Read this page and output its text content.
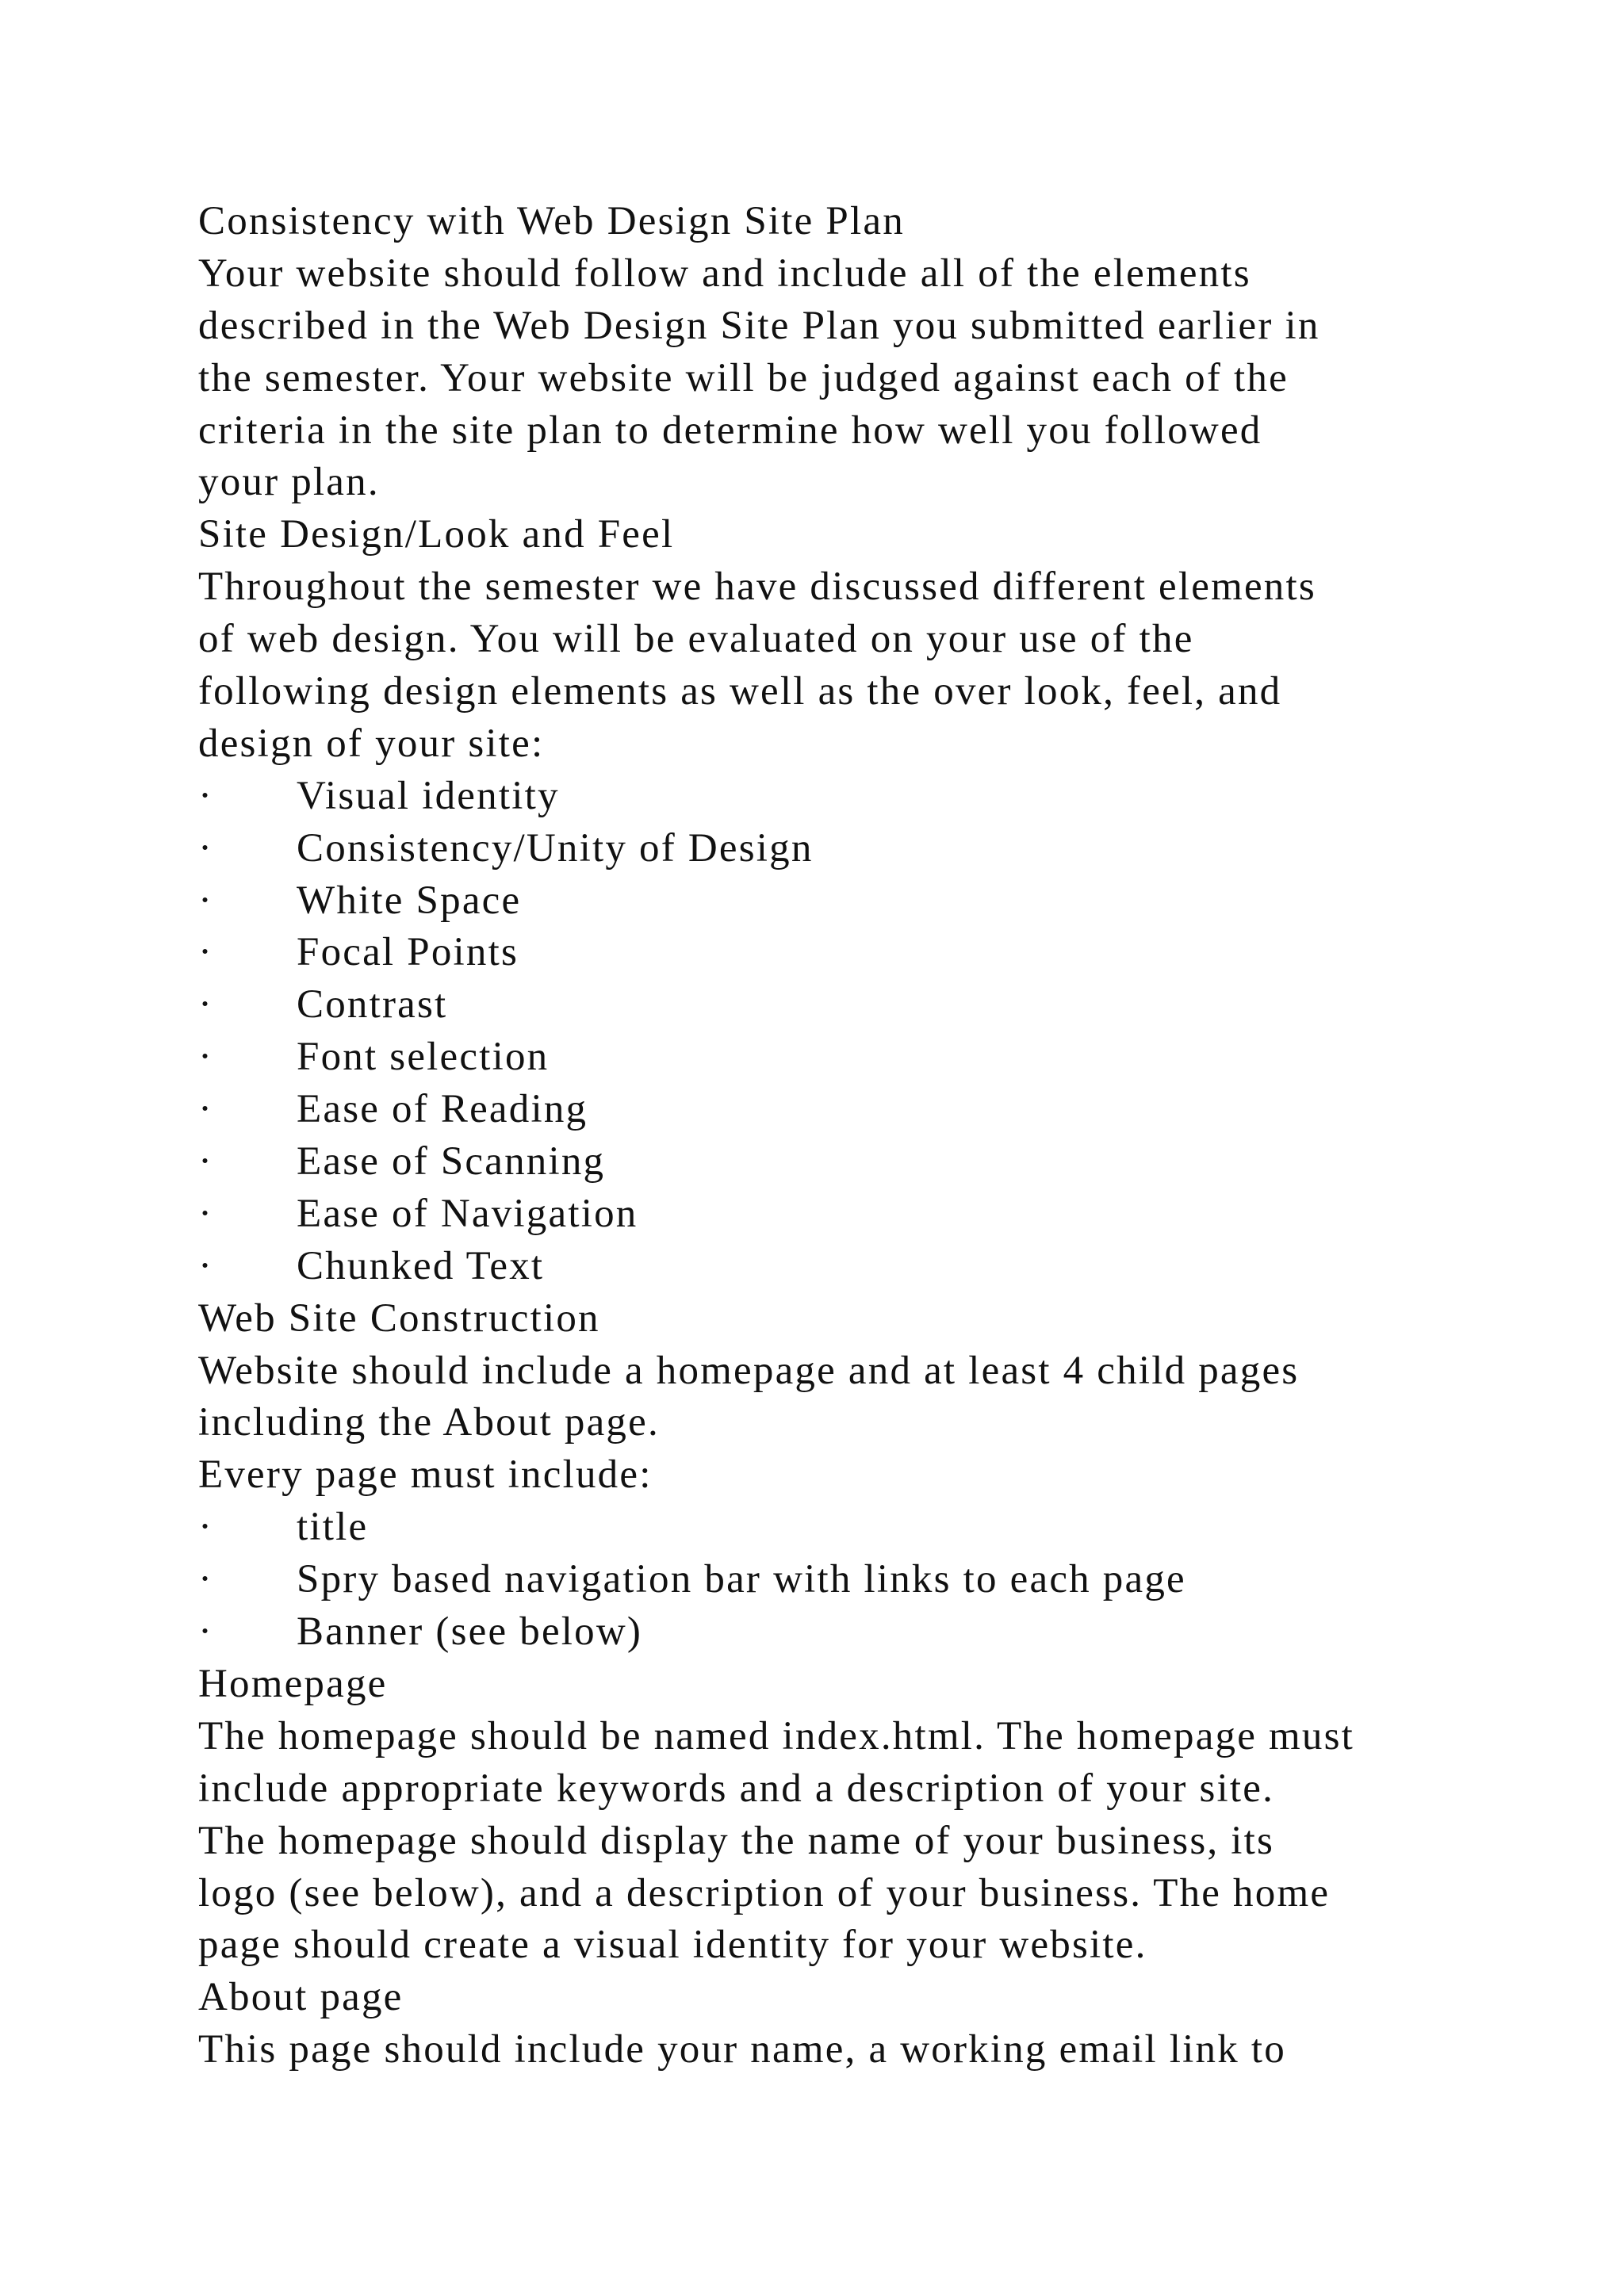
Consistency with Web Design Site Plan
Your website should follow and include all of the elements
described in the Web Design Site Plan you submitted earlier in
the semester. Your website will be judged against each of the
criteria in the site plan to determine how well you followed
your plan.
Site Design/Look and Feel
Throughout the semester we have discussed different elements
of web design. You will be evaluated on your use of the
following design elements as well as the over look, feel, and
design of your site:
· Visual identity
· Consistency/Unity of Design
· White Space
· Focal Points
· Contrast
· Font selection
· Ease of Reading
· Ease of Scanning
· Ease of Navigation
· Chunked Text
Web Site Construction
Website should include a homepage and at least 4 child pages
including the About page.
Every page must include:
· title
· Spry based navigation bar with links to each page
· Banner (see below)
Homepage
The homepage should be named index.html. The homepage must
include appropriate keywords and a description of your site.
The homepage should display the name of your business, its
logo (see below), and a description of your business. The home
page should create a visual identity for your website.
About page
This page should include your name, a working email link to
